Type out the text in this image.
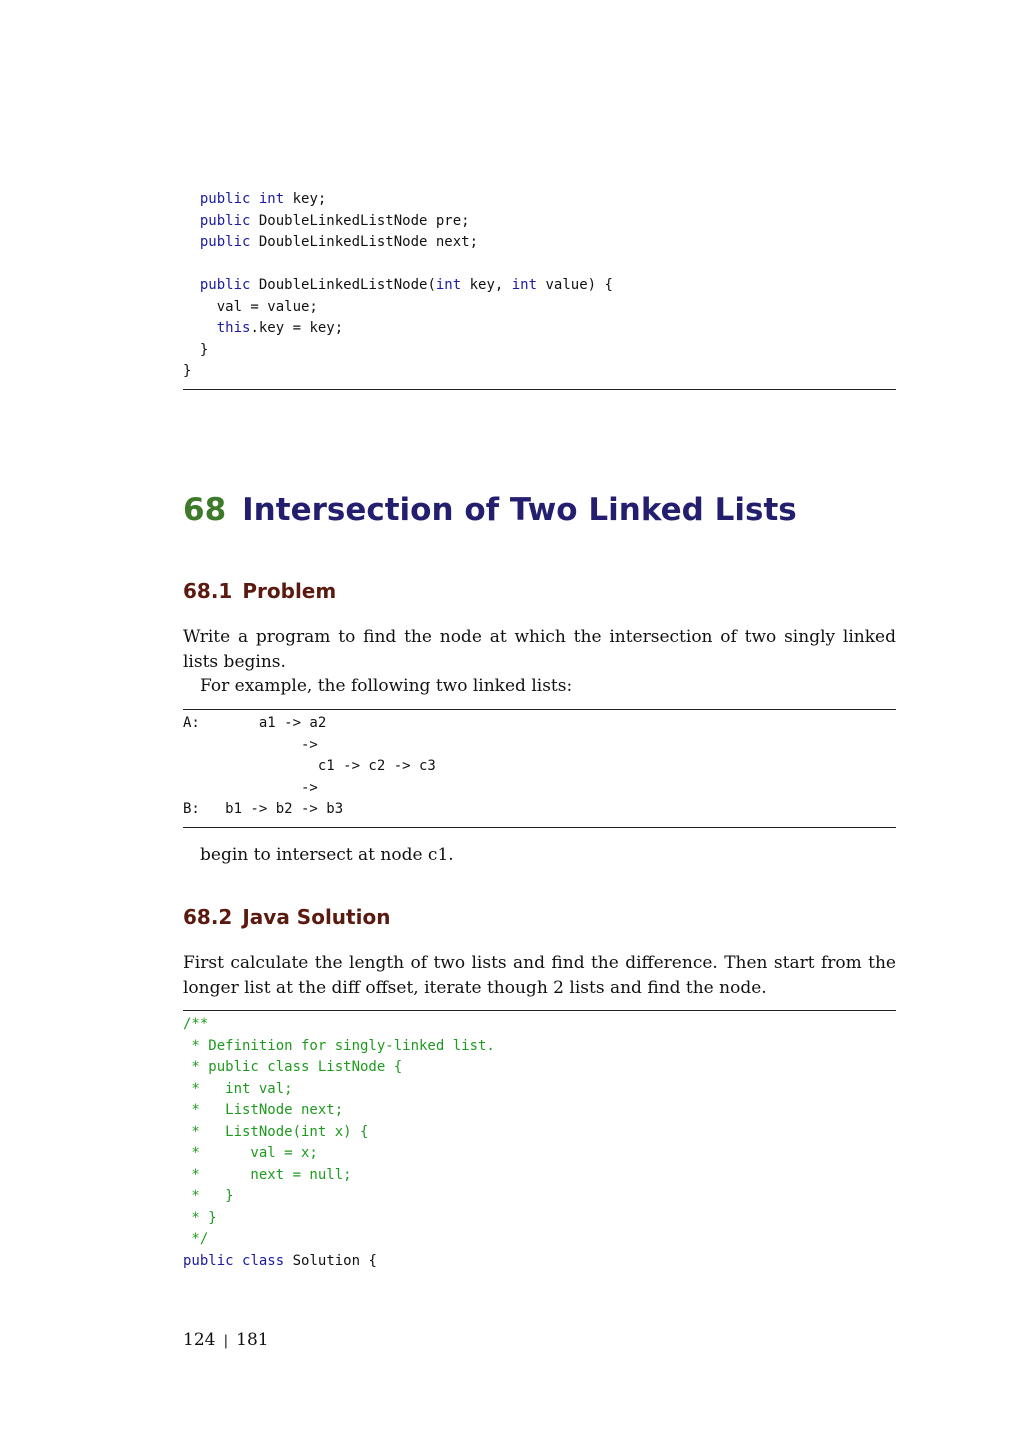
public int key;
public DoubleLinkedListNode pre;
public DoubleLinkedListNode next;

public DoubleLinkedListNode(int key, int value) {
val = value;
this.key = key;
}
}
68 Intersection of Two Linked Lists
68.1 Problem

Write a program to find the node at which the intersection of two singly linked lists begins.

For example, the following two linked lists:

A:       a1 -> a2
->
c1 -> c2 -> c3
->
B:   b1 -> b2 -> b3

begin to intersect at node c1.

68.2 Java Solution

First calculate the length of two lists and find the difference. Then start from the longer list at the diff offset, iterate though 2 lists and find the node.

/**
* Definition for singly-linked list.
* public class ListNode {
*   int val;
*   ListNode next;
*   ListNode(int x) {
*      val = x;
*      next = null;
*   }
* }
*/
public class Solution {
124 | 181
